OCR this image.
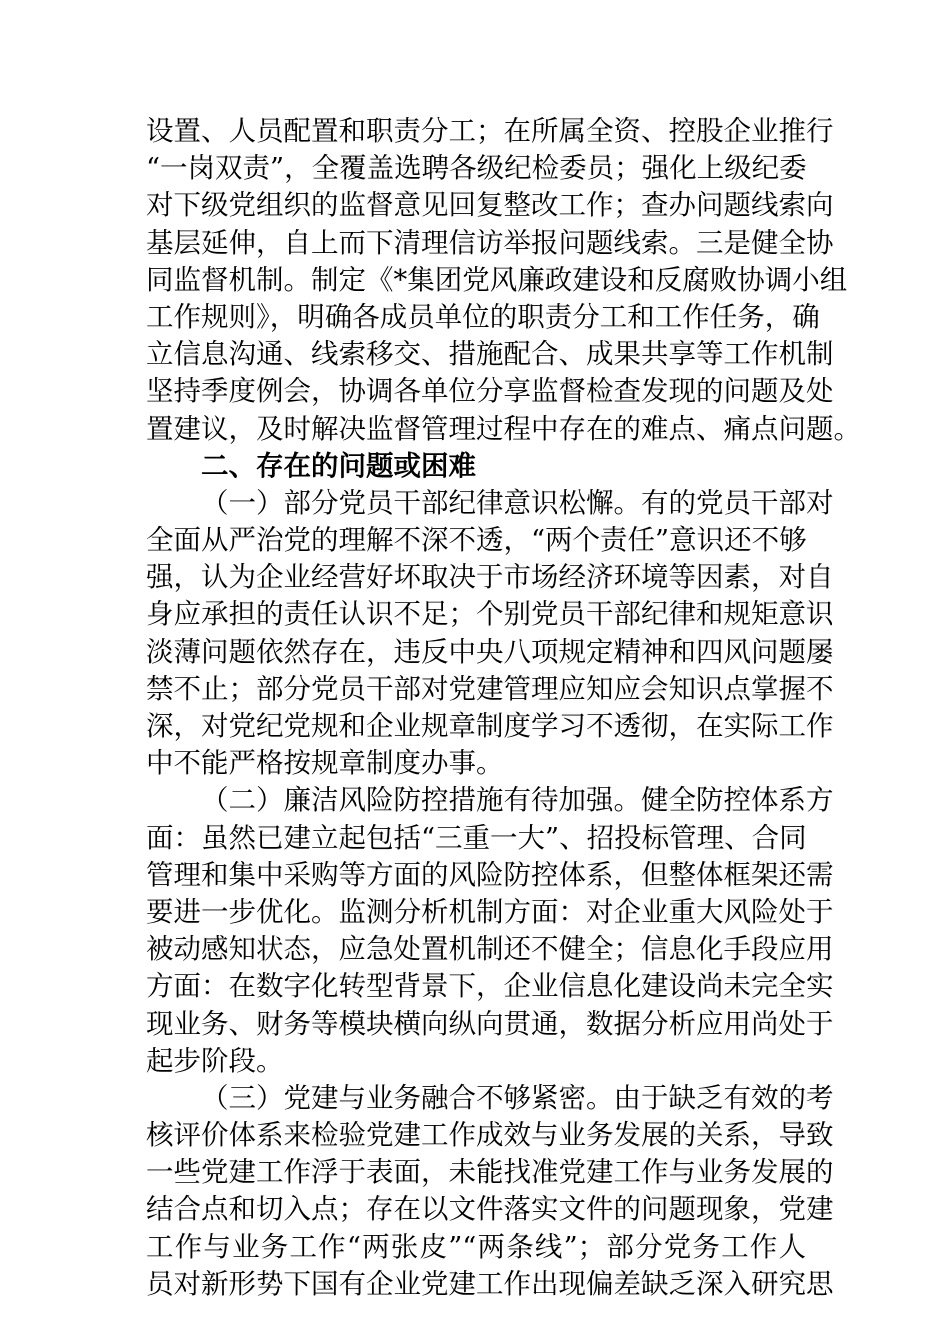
设置、人员配置和职责分工；在所属全资、控股企业推行
“一岗双责”，全覆盖选聘各级纪检委员；强化上级纪委
对下级党组织的监督意见回复整改工作；查办问题线索向
基层延伸，自上而下清理信访举报问题线索。三是健全协
同监督机制。制定《*集团党风廉政建设和反腐败协调小组
工作规则》，明确各成员单位的职责分工和工作任务，确
立信息沟通、线索移交、措施配合、成果共享等工作机制
坚持季度例会，协调各单位分享监督检查发现的问题及处
置建议，及时解决监督管理过程中存在的难点、痛点问题。
二、存在的问题或困难
（一）部分党员干部纪律意识松懈。有的党员干部对
全面从严治党的理解不深不透，“两个责任”意识还不够
强，认为企业经营好坏取决于市场经济环境等因素，对自
身应承担的责任认识不足；个别党员干部纪律和规矩意识
淡薄问题依然存在，违反中央八项规定精神和四风问题屡
禁不止；部分党员干部对党建管理应知应会知识点掌握不
深，对党纪党规和企业规章制度学习不透彻，在实际工作
中不能严格按规章制度办事。
（二）廉洁风险防控措施有待加强。健全防控体系方
面：虽然已建立起包括“三重一大”、招投标管理、合同
管理和集中采购等方面的风险防控体系，但整体框架还需
要进一步优化。监测分析机制方面：对企业重大风险处于
被动感知状态，应急处置机制还不健全；信息化手段应用
方面：在数字化转型背景下，企业信息化建设尚未完全实
现业务、财务等模块横向纵向贯通，数据分析应用尚处于
起步阶段。
（三）党建与业务融合不够紧密。由于缺乏有效的考
核评价体系来检验党建工作成效与业务发展的关系，导致
一些党建工作浮于表面，未能找准党建工作与业务发展的
结合点和切入点；存在以文件落实文件的问题现象，党建
工作与业务工作“两张皮”“两条线”；部分党务工作人
员对新形势下国有企业党建工作出现偏差缺乏深入研究思
